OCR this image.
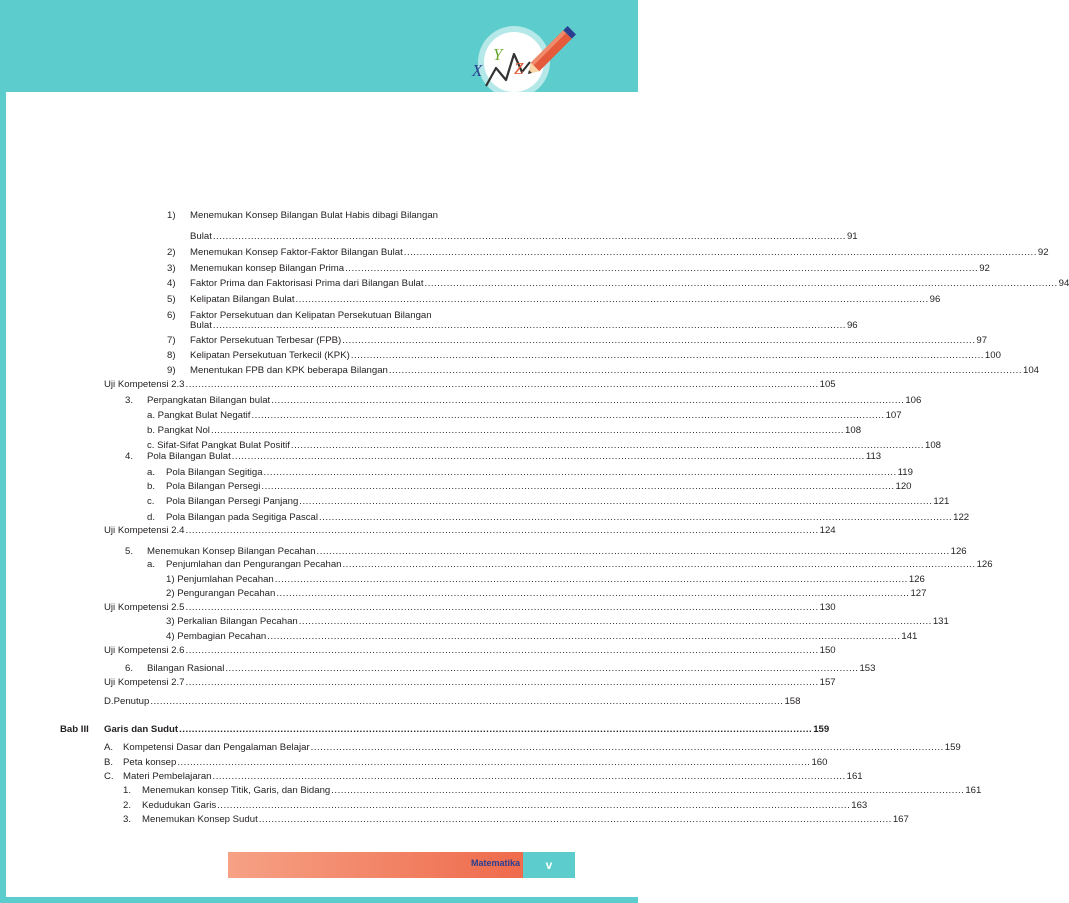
X
Y
Z
1) Menemukan Konsep Bilangan Bulat Habis dibagi Bilangan
Bulat ........................................................................................................................................................................................................ 91
2) Menemukan Konsep Faktor-Faktor Bilangan Bulat ........................................................................................................................................................................................................ 92
3) Menemukan konsep Bilangan Prima ........................................................................................................................................................................................................ 92
4) Faktor Prima dan Faktorisasi Prima dari Bilangan Bulat ........................................................................................................................................................................................................ 94
5) Kelipatan Bilangan Bulat ........................................................................................................................................................................................................ 96
6) Faktor Persekutuan dan Kelipatan Persekutuan Bilangan
Bulat ........................................................................................................................................................................................................ 96
7) Faktor Persekutuan Terbesar (FPB) ........................................................................................................................................................................................................ 97
8) Kelipatan Persekutuan Terkecil (KPK) ........................................................................................................................................................................................................ 100
9) Menentukan FPB dan KPK beberapa Bilangan ........................................................................................................................................................................................................ 104
Uji Kompetensi 2.3 ........................................................................................................................................................................................................ 105
3. Perpangkatan Bilangan bulat ........................................................................................................................................................................................................ 106
a. Pangkat Bulat Negatif ........................................................................................................................................................................................................ 107
b. Pangkat Nol ........................................................................................................................................................................................................ 108
c. Sifat-Sifat Pangkat Bulat Positif ........................................................................................................................................................................................................ 108
4. Pola Bilangan Bulat ........................................................................................................................................................................................................ 113
a. Pola Bilangan Segitiga ........................................................................................................................................................................................................ 119
b. Pola Bilangan Persegi ........................................................................................................................................................................................................ 120
c. Pola Bilangan Persegi Panjang ........................................................................................................................................................................................................ 121
d. Pola Bilangan pada Segitiga Pascal ........................................................................................................................................................................................................ 122
Uji Kompetensi 2.4 ........................................................................................................................................................................................................ 124
5. Menemukan Konsep Bilangan Pecahan ........................................................................................................................................................................................................ 126
a. Penjumlahan dan Pengurangan Pecahan ........................................................................................................................................................................................................ 126
1) Penjumlahan Pecahan ........................................................................................................................................................................................................ 126
2) Pengurangan Pecahan ........................................................................................................................................................................................................ 127
Uji Kompetensi 2.5 ........................................................................................................................................................................................................ 130
3) Perkalian Bilangan Pecahan ........................................................................................................................................................................................................ 131
4) Pembagian Pecahan ........................................................................................................................................................................................................ 141
Uji Kompetensi 2.6 ........................................................................................................................................................................................................ 150
6. Bilangan Rasional ........................................................................................................................................................................................................ 153
Uji Kompetensi 2.7 ........................................................................................................................................................................................................ 157
D.Penutup ........................................................................................................................................................................................................ 158
Bab III Garis dan Sudut ........................................................................................................................................................................................................ 159
A. Kompetensi Dasar dan Pengalaman Belajar ........................................................................................................................................................................................................ 159
B. Peta konsep ........................................................................................................................................................................................................ 160
C. Materi Pembelajaran ........................................................................................................................................................................................................ 161
1. Menemukan konsep Titik, Garis, dan Bidang ........................................................................................................................................................................................................ 161
2. Kedudukan Garis ........................................................................................................................................................................................................ 163
3. Menemukan Konsep Sudut ........................................................................................................................................................................................................ 167
Matematika	v
